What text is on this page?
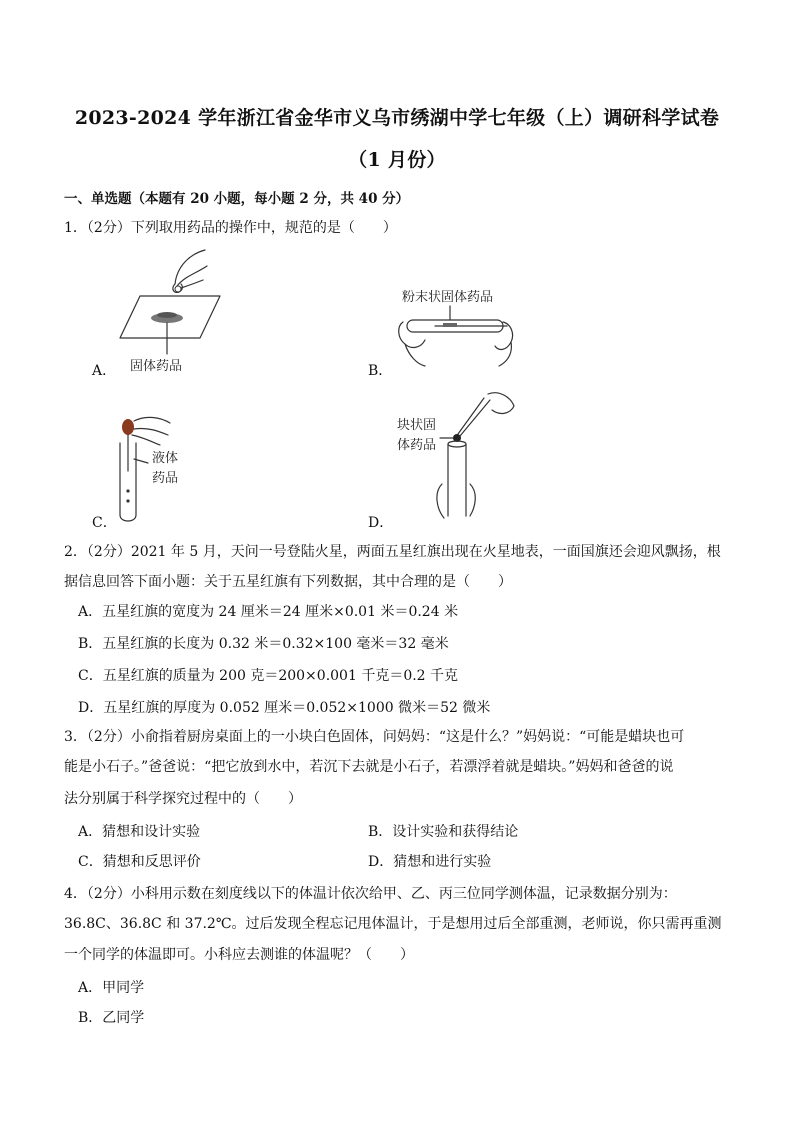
2023-2024 学年浙江省金华市义乌市绣湖中学七年级（上）调研科学试卷
（1 月份）
一、单选题（本题有 20 小题，每小题 2 分，共 40 分）
1．（2分）下列取用药品的操作中，规范的是（　　）
固体药品
A．
粉末状固体药品
B．
液体
药品
C．
块状固
体药品
D．
2．（2分）2021 年 5 月，天问一号登陆火星，两面五星红旗出现在火星地表，一面国旗还会迎风飘扬，根
据信息回答下面小题：关于五星红旗有下列数据，其中合理的是（　　）
A．五星红旗的宽度为 24 厘米＝24 厘米×0.01 米＝0.24 米
B．五星红旗的长度为 0.32 米＝0.32×100 毫米＝32 毫米
C．五星红旗的质量为 200 克＝200×0.001 千克＝0.2 千克
D．五星红旗的厚度为 0.052 厘米＝0.052×1000 微米＝52 微米
3．（2分）小俞指着厨房桌面上的一小块白色固体，问妈妈：“这是什么？”妈妈说：“可能是蜡块也可
能是小石子。”爸爸说：“把它放到水中，若沉下去就是小石子，若漂浮着就是蜡块。”妈妈和爸爸的说
法分别属于科学探究过程中的（　　）
A．猜想和设计实验	B．设计实验和获得结论
C．猜想和反思评价	D．猜想和进行实验
4．（2分）小科用示数在刻度线以下的体温计依次给甲、乙、丙三位同学测体温，记录数据分别为：
36.8C、36.8C 和 37.2℃。过后发现全程忘记甩体温计，于是想用过后全部重测，老师说，你只需再重测
一个同学的体温即可。小科应去测谁的体温呢？（　　）
A．甲同学
B．乙同学
